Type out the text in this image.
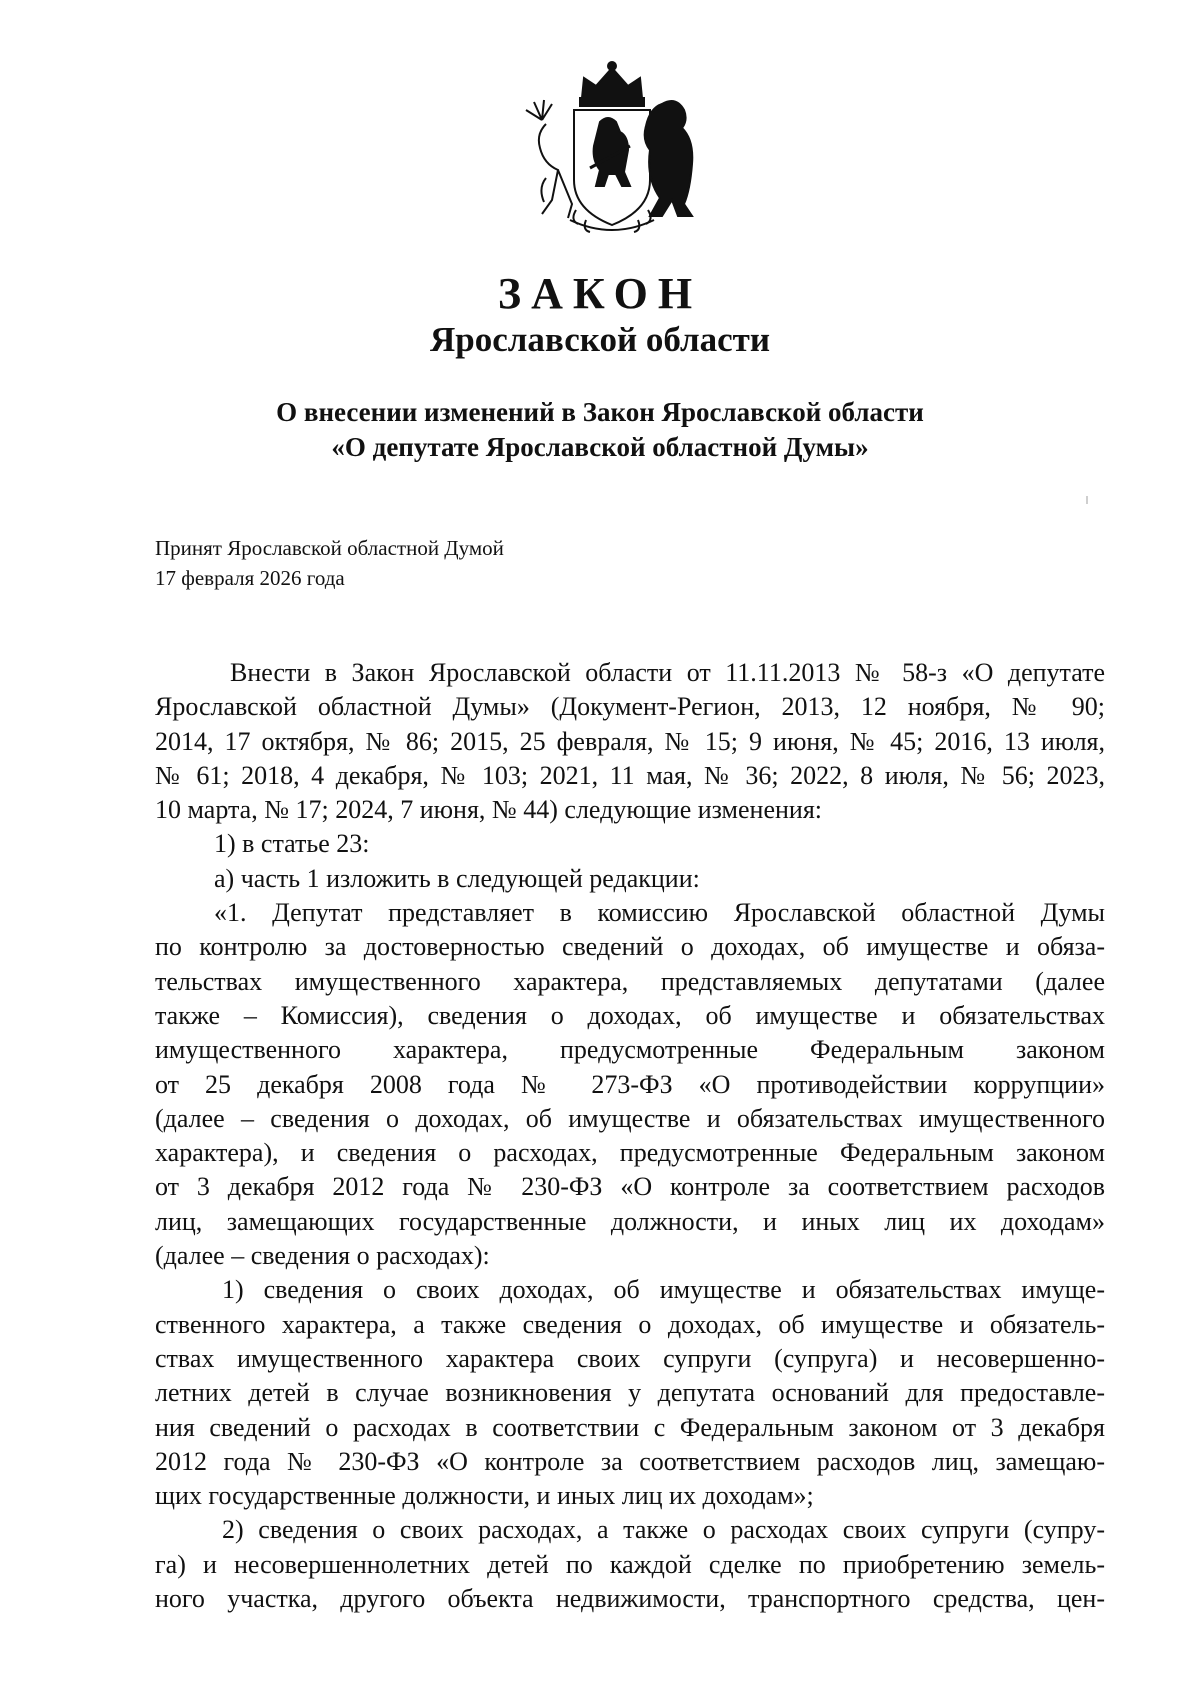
ЗАКОН
Ярославской области
О внесении изменений в Закон Ярославской области
«О депутате Ярославской областной Думы»
Принят Ярославской областной Думой
17 февраля 2026 года
Внести в Закон Ярославской области от 11.11.2013 № 58-з «О депутате
Ярославской областной Думы» (Документ-Регион, 2013, 12 ноября, № 90;
2014, 17 октября, № 86; 2015, 25 февраля, № 15; 9 июня, № 45; 2016, 13 июля,
№ 61; 2018, 4 декабря, № 103; 2021, 11 мая, № 36; 2022, 8 июля, № 56; 2023,
10 марта, № 17; 2024, 7 июня, № 44) следующие изменения:
1) в статье 23:
а) часть 1 изложить в следующей редакции:
«1. Депутат представляет в комиссию Ярославской областной Думы
по контролю за достоверностью сведений о доходах, об имуществе и обяза-
тельствах имущественного характера, представляемых депутатами (далее
также – Комиссия), сведения о доходах, об имуществе и обязательствах
имущественного характера, предусмотренные Федеральным законом
от 25 декабря 2008 года № 273-ФЗ «О противодействии коррупции»
(далее – сведения о доходах, об имуществе и обязательствах имущественного
характера), и сведения о расходах, предусмотренные Федеральным законом
от 3 декабря 2012 года № 230-ФЗ «О контроле за соответствием расходов
лиц, замещающих государственные должности, и иных лиц их доходам»
(далее – сведения о расходах):
1) сведения о своих доходах, об имуществе и обязательствах имуще-
ственного характера, а также сведения о доходах, об имуществе и обязатель-
ствах имущественного характера своих супруги (супруга) и несовершенно-
летних детей в случае возникновения у депутата оснований для предоставле-
ния сведений о расходах в соответствии с Федеральным законом от 3 декабря
2012 года № 230-ФЗ «О контроле за соответствием расходов лиц, замещаю-
щих государственные должности, и иных лиц их доходам»;
2) сведения о своих расходах, а также о расходах своих супруги (супру-
га) и несовершеннолетних детей по каждой сделке по приобретению земель-
ного участка, другого объекта недвижимости, транспортного средства, цен-
